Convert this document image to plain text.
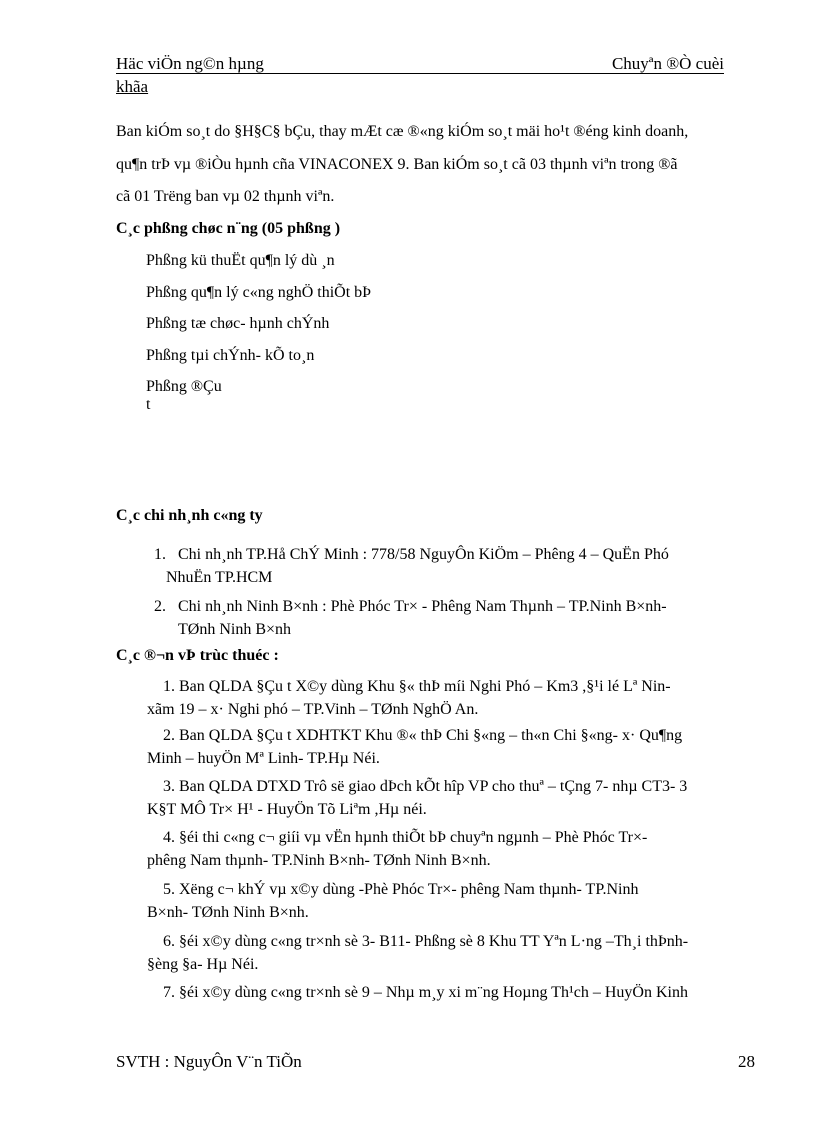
Häc viÖn ng©n hµng	Chuyªn ®Ò cuèi
khãa
Ban kiÓm so¸t do §H§C§ bÇu, thay mÆt cæ ®«ng kiÓm so¸t mäi ho¹t ®éng kinh doanh,
qu¶n trÞ vµ ®iÒu hµnh cña VINACONEX 9. Ban kiÓm so¸t cã 03 thµnh viªn trong ®ã
cã 01 Trëng ban vµ 02 thµnh viªn.
C¸c phßng chøc n¨ng (05 phßng )
Phßng kü thuËt qu¶n lý dù ¸n
Phßng qu¶n lý c«ng nghÖ thiÕt bÞ
Phßng tæ chøc- hµnh chÝnh
Phßng tµi chÝnh- kÕ to¸n
Phßng ®Çu t
C¸c chi nh¸nh c«ng ty
1. Chi nh¸nh TP.Hå ChÝ Minh : 778/58 NguyÔn KiÖm – Phêng 4 – QuËn Phó
NhuËn TP.HCM
2. Chi nh¸nh Ninh B×nh : Phè Phóc Tr× - Phêng Nam Thµnh – TP.Ninh B×nh-
TØnh Ninh B×nh
C¸c ®¬n vÞ trùc thuéc :
1. Ban QLDA §Çu t X©y dùng Khu §« thÞ míi Nghi Phó – Km3 ,§¹i lé Lª Nin-
xãm 19 – x· Nghi phó – TP.Vinh – TØnh NghÖ An.
2. Ban QLDA §Çu t XDHTKT Khu ®« thÞ Chi §«ng – th«n Chi §«ng- x· Qu¶ng
Minh – huyÖn Mª Linh- TP.Hµ Néi.
3. Ban QLDA DTXD Trô së giao dÞch kÕt hîp VP cho thuª – tÇng 7- nhµ CT3- 3
K§T MÔ Tr× H¹ - HuyÖn Tõ Liªm ,Hµ néi.
4. §éi thi c«ng c¬ giíi vµ vËn hµnh thiÕt bÞ chuyªn ngµnh – Phè Phóc Tr×-
phêng Nam thµnh- TP.Ninh B×nh- TØnh Ninh B×nh.
5. Xëng c¬ khÝ vµ x©y dùng -Phè Phóc Tr×- phêng Nam thµnh- TP.Ninh
B×nh- TØnh Ninh B×nh.
6. §éi x©y dùng c«ng tr×nh sè 3- B11- Phßng sè 8 Khu TT Yªn L·ng –Th¸i thÞnh-
§èng §a- Hµ Néi.
7. §éi x©y dùng c«ng tr×nh sè 9 – Nhµ m¸y xi m¨ng Hoµng Th¹ch – HuyÖn Kinh
SVTH : NguyÔn V¨n TiÕn	28
